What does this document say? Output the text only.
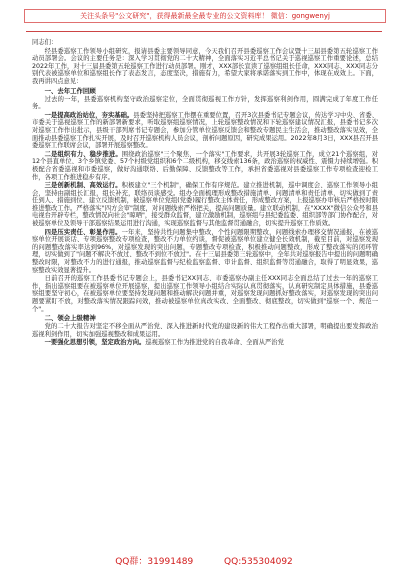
关注头条号"公文研究"，获得最新最全最专业的公文资料库！ 微信：gongwenyj
同志们：
经县委巡察工作领导小组研究，报请县委主要领导同意，今天我们召开县委巡察工作会议暨十三届县委第五轮巡察工作动员部署会。会议的主要任务是：深入学习贯彻党的二十大精神，全面落实习近平总书记关于巡视巡察工作重要论述，总结2022年工作，对十三届县委第五轮巡察工作进行动员部署。刚才，XXX部长宣读了巡察组组长任命，XXX同志、XXX同志分别代表被巡察单位和巡察组长作了表态发言，态度坚决，措施有力，希望大家将承诺落实到工作中，体现在成效上。下面，我再讲四点意见：
一、去年工作回顾
过去的一年，县委巡察机构坚守政治巡察定位，全面贯彻巡视工作方针，发挥巡察利剑作用，圆满完成了年度工作任务。
一是提高政治站位，夯实基础。县委坚持把巡察工作摆在重要位置，召开3次县委书记专题会议，传达学习中央、省委、市委关于巡视巡察工作的新部署新要求，听取巡察组巡察情况，上轮巡察整改情况和下轮巡察建议情况汇报，县委书记多次对巡察工作作出批示，县级干部列席书记专题会，参加分管单位巡察反馈会和整改专题民主生活会，推动整改落实见效，全面推动县委巡察工作扎实开展，及时召开巡察机构人员会议，剖析问题原因，研究成果运用。2022年8月3日，XXX县召开县委巡察工作联席会议，部署开展巡察整改。
二是组织有力、稳步推进。围绕政治巡察"三个聚焦、一个落实"工作要求，共开展3轮巡察工作，成立21个巡察组，对12个县直单位、3个乡镇党委、57个村级党组织和6个二级机构，移交线索136条，政治巡察的权威性、震慑力持续增强。积极配合省委巡视和市委巡察，做好沟通联络、后勤保障、反馈整改等工作，承担省委巡视对县委巡察工作专项检查迎检工作，各项工作推进稳步有序。
三是创新机制、高效运行。积极建立"三个机制"，确保工作有序规范。建立推进机制，巡中调度会、巡察工作领导小组会，坚持由副组长汇报，组长补充，联络员谈感受。组办全面梳理形成整改措施清单、问题清单和责任清单，切实做到了责任到人、措施到位、建立反馈机制，被巡察单位党组(党委)履行整改主体责任，形成整改方案，上报巡察办审核后严格按时限推进整改工作。严格落实"四方会审"制度，对问题线索严格把关，提高问题质量。建立联动机制，在"XXXX"微信公众号和县电视台开辟专栏，整改情况向社会"晾晒"，接受群众监督，建立激励机制，巡察组与县纪委监委、组织部等部门协作配合，对被巡察单位及领导干部巡察结果运用进行沟通，实现巡察监督与其他监督贯通融合，切实提升巡察工作质效。
四是压实责任、彰显作用。一年来，坚持共性问题集中整改，个性问题限期整改，问题线索办理移交情况通报，在被巡察单位开展谈话、专项巡察整改专项检查，整改不力单位约谈，督促被巡察单位建立健全长效机制，截至目前，对巡察发现的问题整改落实率达到96%，对巡察发现的突出问题，专题整改专项检查，积极推动问题整改，形成了整改落实的闭环管理，切实做到了"问题不解决不放过、整改不到位不放过"。在十三届县委第三轮巡察中，全年共对巡察报告中提出的问题明确整改时限，对整改不力的进行通报，推动巡察监督与纪检监察监督、审计监督、组织监督等贯通融合，取得了明显效果，巡察整改实效显著提升。
日前召开的巡察工作县委书记专题会上，县委书记XX同志、市委巡察办副主任XXX同志全面总结了过去一年的巡察工作，指出巡察组要在被巡察单位开展巡察，提出巡察工作领导小组结合实际认真贯彻落实，认真研究制定具体措施，县委巡察组要坚守初心，在被巡察单位要坚持发现问题和推动解决问题并重，对巡察发现问题抓好整改落实，对巡察发现的突出问题要紧盯不放，对整改落实情况跟踪问效，推动被巡察单位真改实改、全面整改、彻底整改，切实做到"巡察一个、规范一个"。
二、领会上级精神
党的二十大报告对坚定不移全面从严治党、深入推进新时代党的建设新的伟大工程作出重大部署，明确提出要发挥政治巡视利剑作用，切实加强巡视整改和成果运用。
一要强化思想引领，坚定政治方向。巡视巡察工作为推进党的自我革命、全面从严治党
QQ群：31991489	QQ:535304092
